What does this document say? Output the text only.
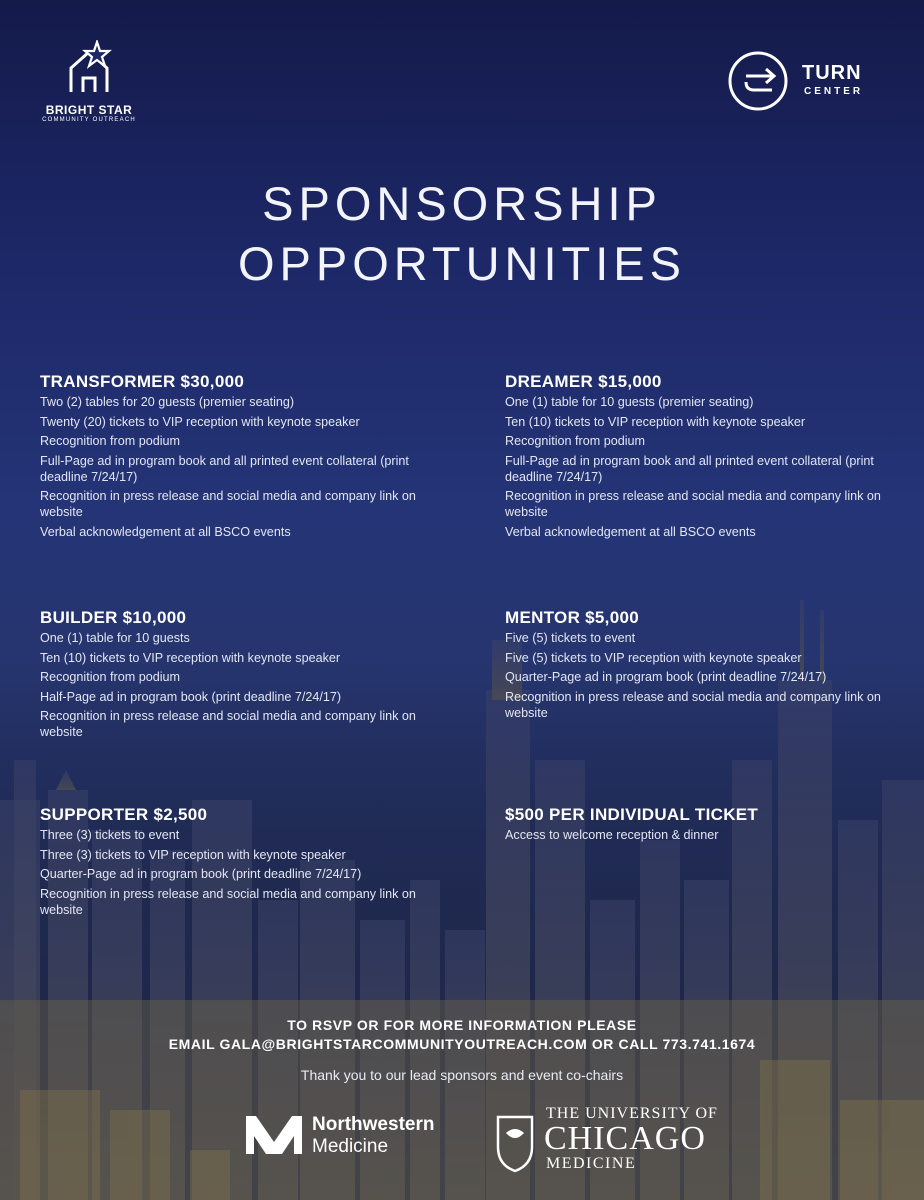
BRIGHT STAR
COMMUNITY OUTREACH
TURN
CENTER
SPONSORSHIP
OPPORTUNITIES
TRANSFORMER $30,000
Two (2) tables for 20 guests (premier seating)
Twenty (20) tickets to VIP reception with keynote speaker
Recognition from podium
Full-Page ad in program book and all printed event collateral (print deadline 7/24/17)
Recognition in press release and social media and company link on website
Verbal acknowledgement at all BSCO events
DREAMER $15,000
One (1) table for 10 guests (premier seating)
Ten (10) tickets to VIP reception with keynote speaker
Recognition from podium
Full-Page ad in program book and all printed event collateral (print deadline 7/24/17)
Recognition in press release and social media and company link on website
Verbal acknowledgement at all BSCO events
BUILDER $10,000
One (1) table for 10 guests
Ten (10) tickets to VIP reception with keynote speaker
Recognition from podium
Half-Page ad in program book (print deadline 7/24/17)
Recognition in press release and social media and company link on website
MENTOR $5,000
Five (5) tickets to event
Five (5) tickets to VIP reception with keynote speaker
Quarter-Page ad in program book (print deadline 7/24/17)
Recognition in press release and social media and company link on website
SUPPORTER $2,500
Three (3) tickets to event
Three (3) tickets to VIP reception with keynote speaker
Quarter-Page ad in program book (print deadline 7/24/17)
Recognition in press release and social media and company link on website
$500 PER INDIVIDUAL TICKET
Access to welcome reception & dinner
TO RSVP OR FOR MORE INFORMATION PLEASE
EMAIL GALA@BRIGHTSTARCOMMUNITYOUTREACH.COM OR CALL 773.741.1674
Thank you to our lead sponsors and event co-chairs
Northwestern
Medicine
THE UNIVERSITY OF
CHICAGO
MEDICINE
